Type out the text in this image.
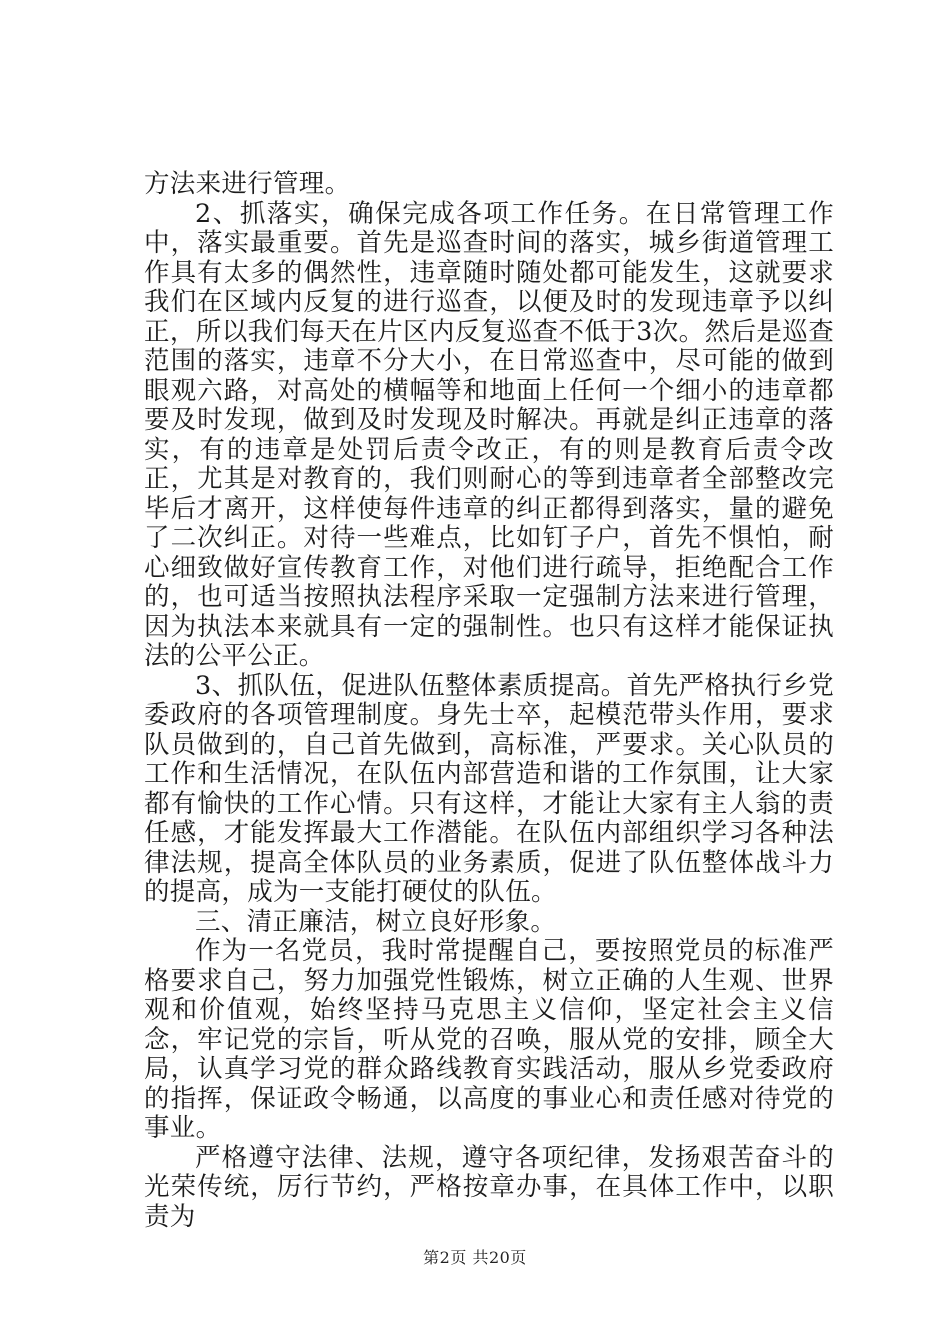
方法来进行管理。

2、抓落实，确保完成各项工作任务。在日常管理工作中，落实最重要。首先是巡查时间的落实，城乡街道管理工作具有太多的偶然性，违章随时随处都可能发生，这就要求我们在区域内反复的进行巡查，以便及时的发现违章予以纠正，所以我们每天在片区内反复巡查不低于3次。然后是巡查范围的落实，违章不分大小，在日常巡查中，尽可能的做到眼观六路，对高处的横幅等和地面上任何一个细小的违章都要及时发现，做到及时发现及时解决。再就是纠正违章的落实，有的违章是处罚后责令改正，有的则是教育后责令改正，尤其是对教育的，我们则耐心的等到违章者全部整改完毕后才离开，这样使每件违章的纠正都得到落实，量的避免了二次纠正。对待一些难点，比如钉子户，首先不惧怕，耐心细致做好宣传教育工作，对他们进行疏导，拒绝配合工作的，也可适当按照执法程序采取一定强制方法来进行管理，因为执法本来就具有一定的强制性。也只有这样才能保证执法的公平公正。

3、抓队伍，促进队伍整体素质提高。首先严格执行乡党委政府的各项管理制度。身先士卒，起模范带头作用，要求队员做到的，自己首先做到，高标准，严要求。关心队员的工作和生活情况，在队伍内部营造和谐的工作氛围，让大家都有愉快的工作心情。只有这样，才能让大家有主人翁的责任感，才能发挥最大工作潜能。在队伍内部组织学习各种法律法规，提高全体队员的业务素质，促进了队伍整体战斗力的提高，成为一支能打硬仗的队伍。

三、清正廉洁，树立良好形象。

作为一名党员，我时常提醒自己，要按照党员的标准严格要求自己，努力加强党性锻炼，树立正确的人生观、世界观和价值观，始终坚持马克思主义信仰，坚定社会主义信念，牢记党的宗旨，听从党的召唤，服从党的安排，顾全大局，认真学习党的群众路线教育实践活动，服从乡党委政府的指挥，保证政令畅通，以高度的事业心和责任感对待党的事业。

严格遵守法律、法规，遵守各项纪律，发扬艰苦奋斗的光荣传统，厉行节约，严格按章办事，在具体工作中，以职责为

第2页 共20页
